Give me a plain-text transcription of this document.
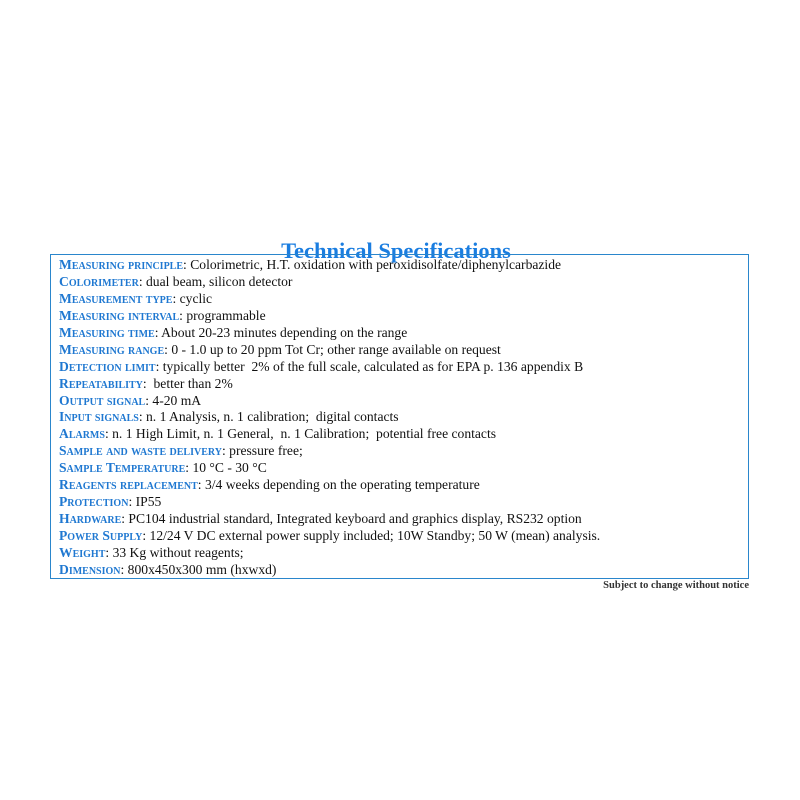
Technical Specifications
Measuring principle: Colorimetric, H.T. oxidation with peroxidisolfate/diphenylcarbazide
Colorimeter: dual beam, silicon detector
Measurement type: cyclic
Measuring interval: programmable
Measuring time: About 20-23 minutes depending on the range
Measuring range: 0 - 1.0 up to 20 ppm Tot Cr; other range available on request
Detection limit: typically better  2% of the full scale, calculated as for EPA p. 136 appendix B
Repeatability:  better than 2%
Output signal: 4-20 mA
Input signals: n. 1 Analysis, n. 1 calibration;  digital contacts
Alarms: n. 1 High Limit, n. 1 General,  n. 1 Calibration;  potential free contacts
Sample and waste delivery: pressure free;
Sample Temperature: 10 °C - 30 °C
Reagents replacement: 3/4 weeks depending on the operating temperature
Protection: IP55
Hardware: PC104 industrial standard, Integrated keyboard and graphics display, RS232 option
Power Supply: 12/24 V DC external power supply included; 10W Standby; 50 W (mean) analysis.
Weight: 33 Kg without reagents;
Dimension: 800x450x300 mm (hxwxd)
Subject to change without notice
